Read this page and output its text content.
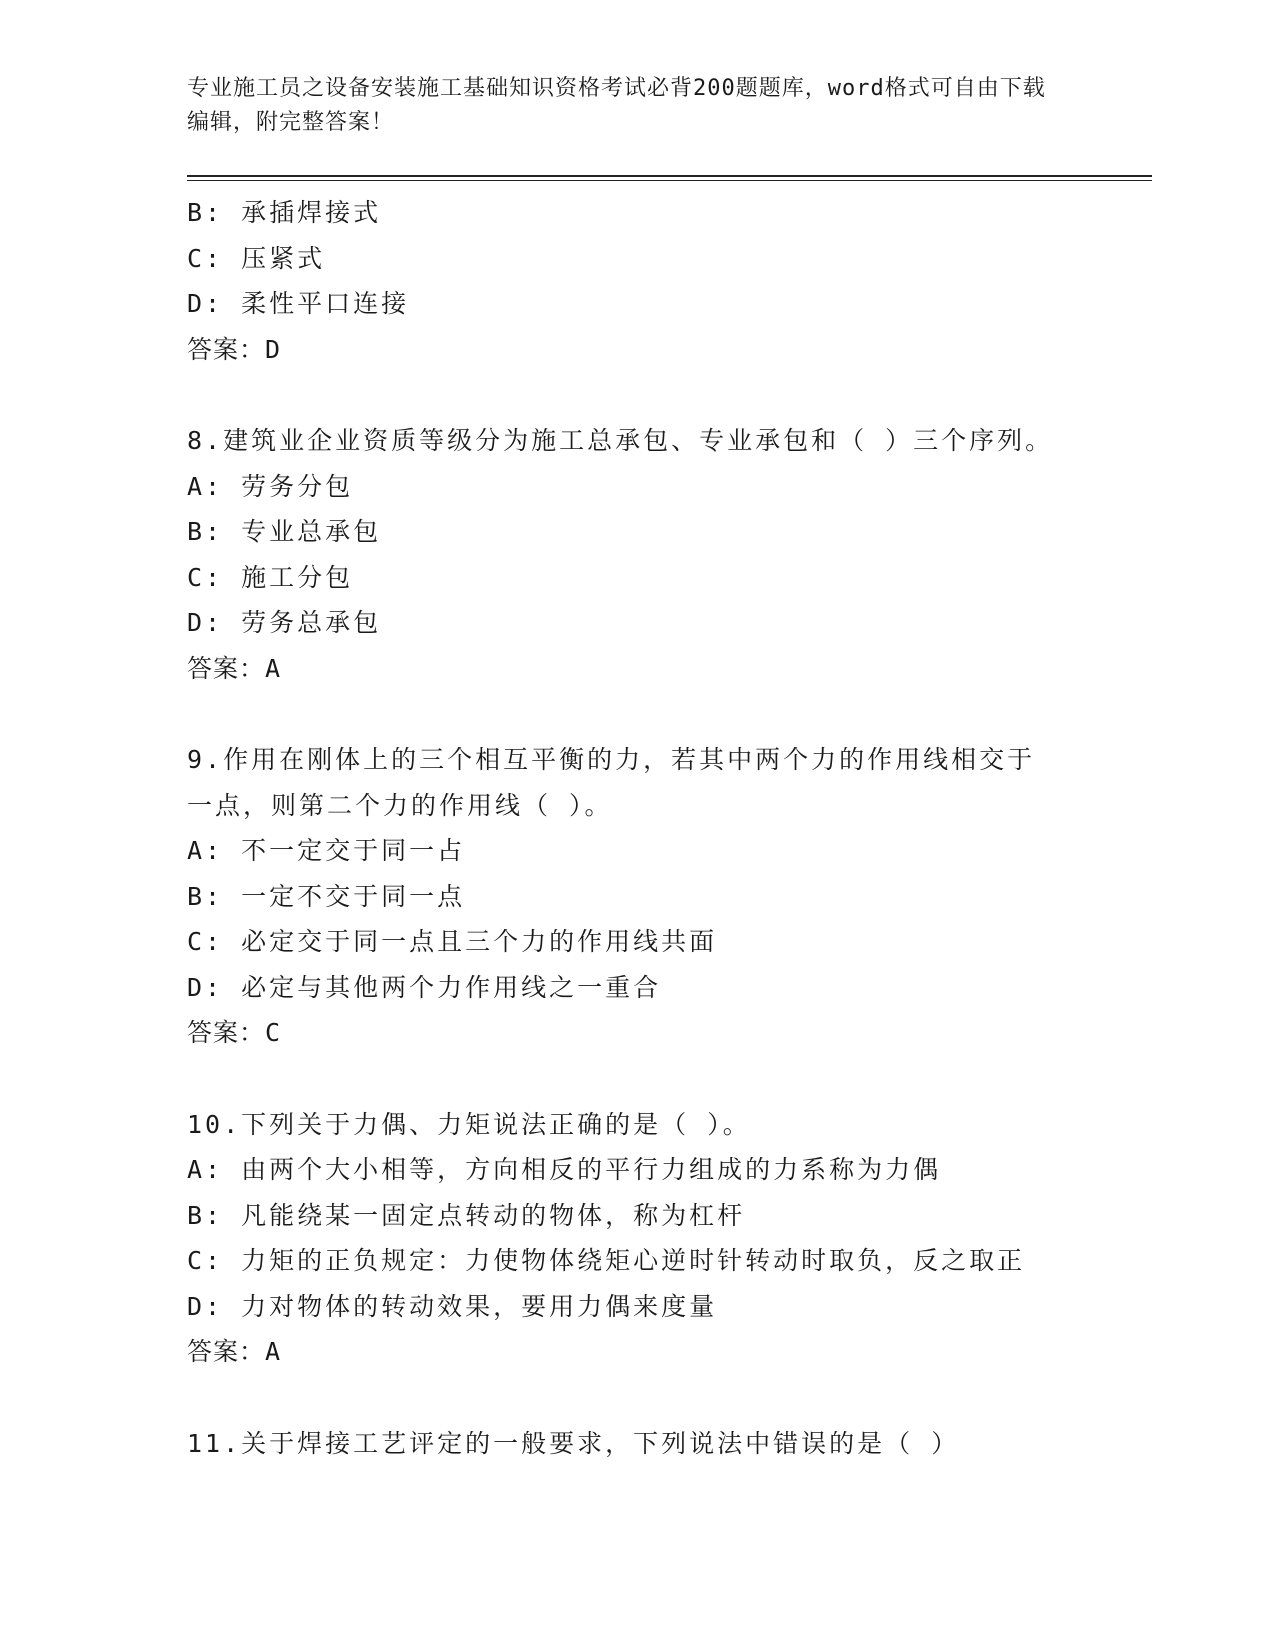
专业施工员之设备安装施工基础知识资格考试必背200题题库，word格式可自由下载编辑，附完整答案！
B: 承插焊接式
C: 压紧式
D: 柔性平口连接
答案：D
8.建筑业企业资质等级分为施工总承包、专业承包和（ ）三个序列。
A: 劳务分包
B: 专业总承包
C: 施工分包
D: 劳务总承包
答案：A
9.作用在刚体上的三个相互平衡的力，若其中两个力的作用线相交于
一点，则第二个力的作用线（ ）。
A: 不一定交于同一占
B: 一定不交于同一点
C: 必定交于同一点且三个力的作用线共面
D: 必定与其他两个力作用线之一重合
答案：C
10.下列关于力偶、力矩说法正确的是（ ）。
A: 由两个大小相等，方向相反的平行力组成的力系称为力偶
B: 凡能绕某一固定点转动的物体，称为杠杆
C: 力矩的正负规定：力使物体绕矩心逆时针转动时取负，反之取正
D: 力对物体的转动效果，要用力偶来度量
答案：A
11.关于焊接工艺评定的一般要求，下列说法中错误的是（ ）
